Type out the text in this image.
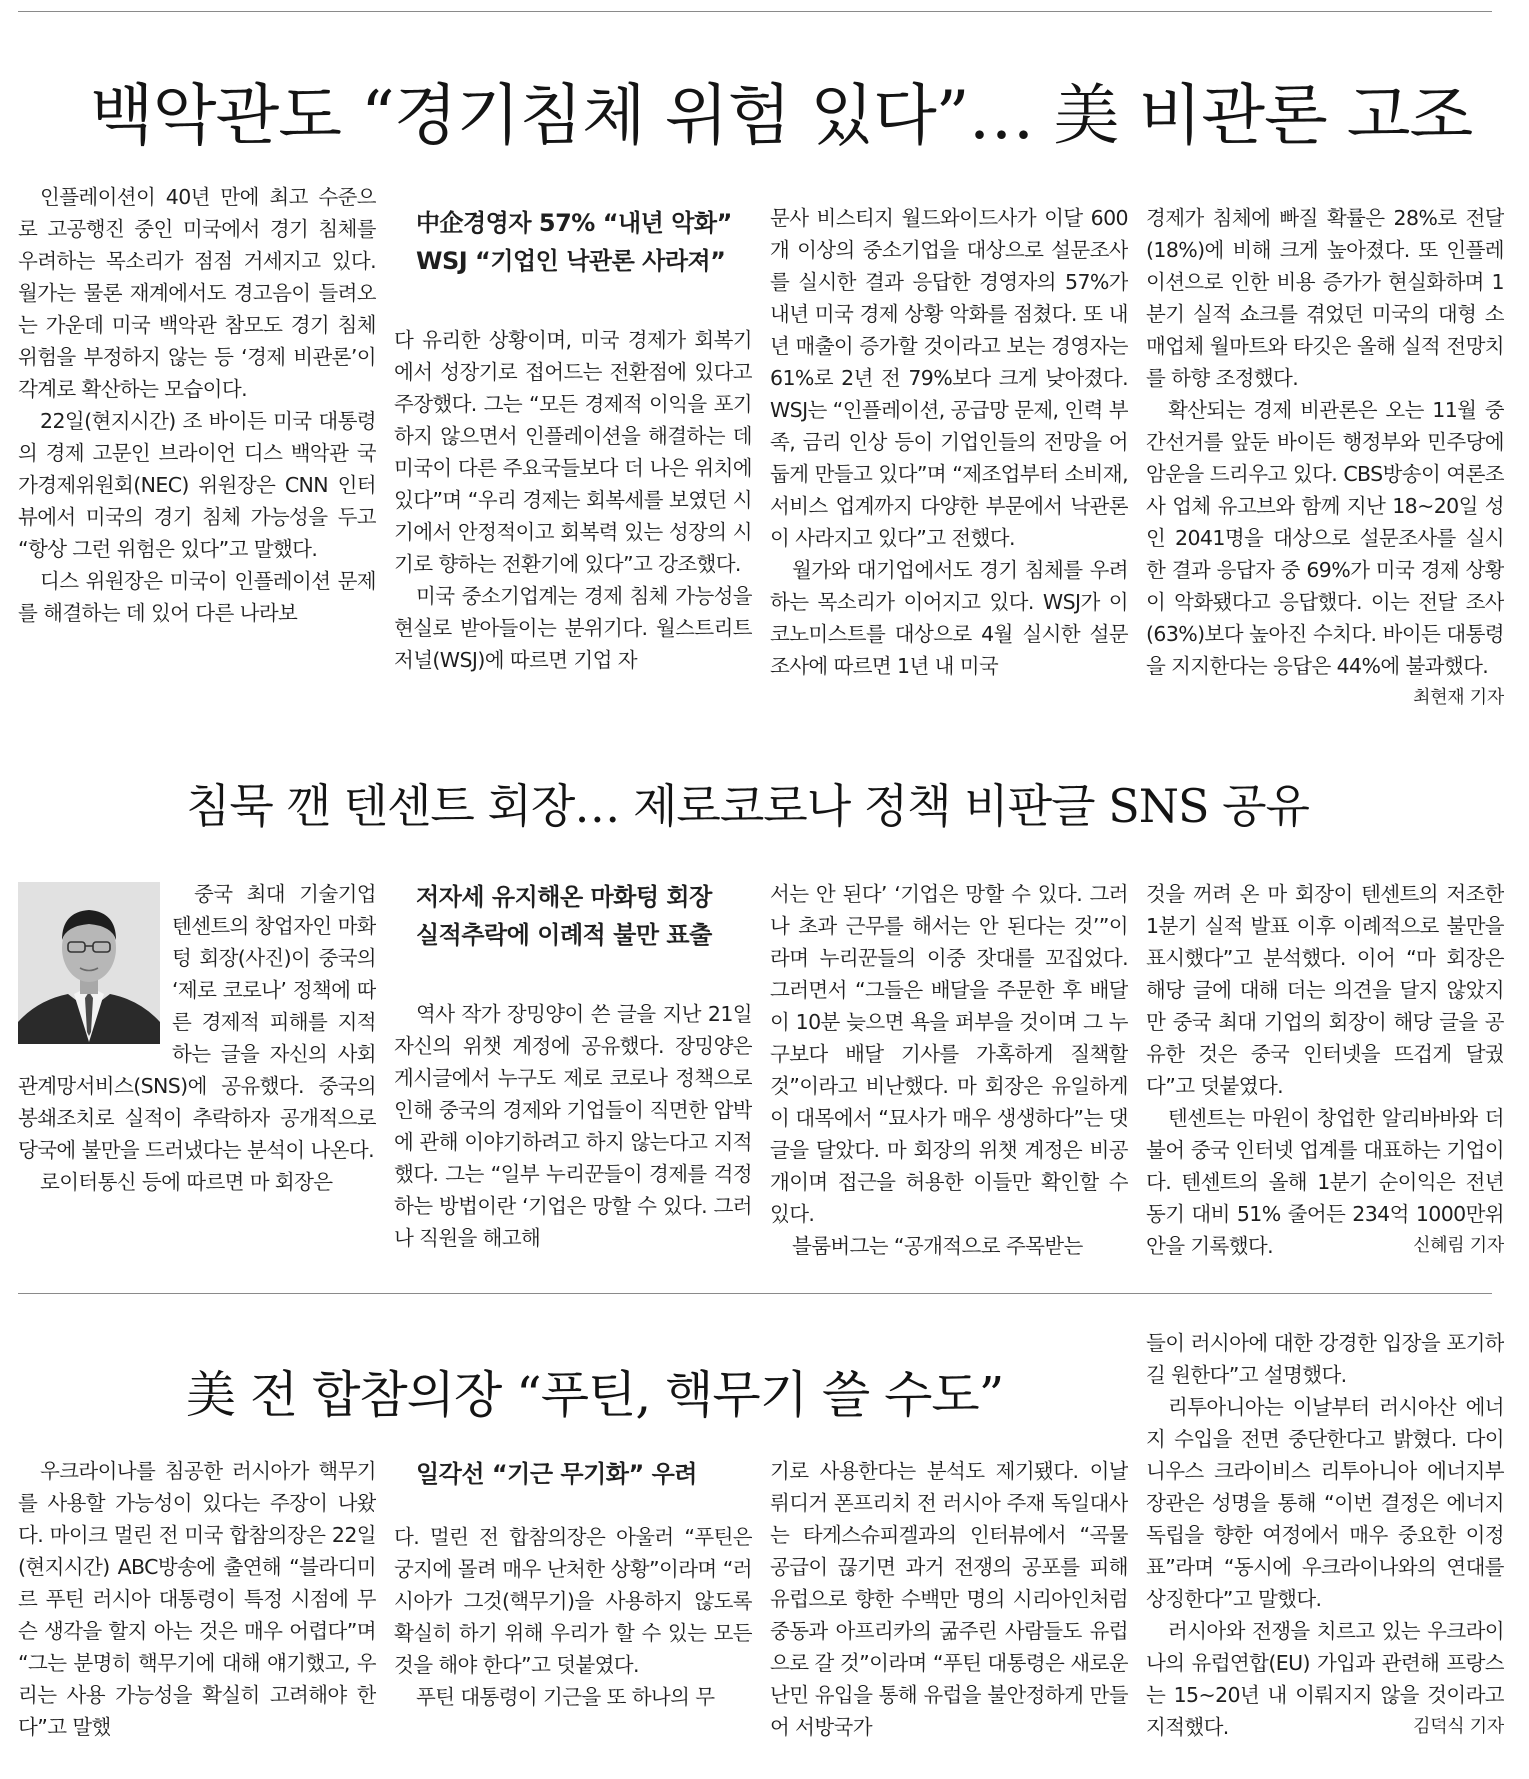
백악관도 “경기침체 위험 있다”… 美 비관론 고조

인플레이션이 40년 만에 최고 수준으로 고공행진 중인 미국에서 경기 침체를 우려하는 목소리가 점점 거세지고 있다. 월가는 물론 재계에서도 경고음이 들려오는 가운데 미국 백악관 참모도 경기 침체 위험을 부정하지 않는 등 ‘경제 비관론’이 각계로 확산하는 모습이다.

22일(현지시간) 조 바이든 미국 대통령의 경제 고문인 브라이언 디스 백악관 국가경제위원회(NEC) 위원장은 CNN 인터뷰에서 미국의 경기 침체 가능성을 두고 “항상 그런 위험은 있다”고 말했다.

디스 위원장은 미국이 인플레이션 문제를 해결하는 데 있어 다른 나라보

中企경영자 57% “내년 악화”

WSJ “기업인 낙관론 사라져”

다 유리한 상황이며, 미국 경제가 회복기에서 성장기로 접어드는 전환점에 있다고 주장했다. 그는 “모든 경제적 이익을 포기하지 않으면서 인플레이션을 해결하는 데 미국이 다른 주요국들보다 더 나은 위치에 있다”며 “우리 경제는 회복세를 보였던 시기에서 안정적이고 회복력 있는 성장의 시기로 향하는 전환기에 있다”고 강조했다.

미국 중소기업계는 경제 침체 가능성을 현실로 받아들이는 분위기다. 월스트리트저널(WSJ)에 따르면 기업 자

문사 비스티지 월드와이드사가 이달 600개 이상의 중소기업을 대상으로 설문조사를 실시한 결과 응답한 경영자의 57%가 내년 미국 경제 상황 악화를 점쳤다. 또 내년 매출이 증가할 것이라고 보는 경영자는 61%로 2년 전 79%보다 크게 낮아졌다. WSJ는 “인플레이션, 공급망 문제, 인력 부족, 금리 인상 등이 기업인들의 전망을 어둡게 만들고 있다”며 “제조업부터 소비재, 서비스 업계까지 다양한 부문에서 낙관론이 사라지고 있다”고 전했다.

월가와 대기업에서도 경기 침체를 우려하는 목소리가 이어지고 있다. WSJ가 이코노미스트를 대상으로 4월 실시한 설문조사에 따르면 1년 내 미국

경제가 침체에 빠질 확률은 28%로 전달(18%)에 비해 크게 높아졌다. 또 인플레이션으로 인한 비용 증가가 현실화하며 1분기 실적 쇼크를 겪었던 미국의 대형 소매업체 월마트와 타깃은 올해 실적 전망치를 하향 조정했다.

확산되는 경제 비관론은 오는 11월 중간선거를 앞둔 바이든 행정부와 민주당에 암운을 드리우고 있다. CBS방송이 여론조사 업체 유고브와 함께 지난 18~20일 성인 2041명을 대상으로 설문조사를 실시한 결과 응답자 중 69%가 미국 경제 상황이 악화됐다고 응답했다. 이는 전달 조사(63%)보다 높아진 수치다. 바이든 대통령을 지지한다는 응답은 44%에 불과했다.
최현재 기자

침묵 깬 텐센트 회장… 제로코로나 정책 비판글 SNS 공유

중국 최대 기술기업 텐센트의 창업자인 마화텅 회장(사진)이 중국의 ‘제로 코로나’ 정책에 따른 경제적 피해를 지적하는 글을 자신의 사회관계망서비스(SNS)에 공유했다. 중국의 봉쇄조치로 실적이 추락하자 공개적으로 당국에 불만을 드러냈다는 분석이 나온다.

로이터통신 등에 따르면 마 회장은

저자세 유지해온 마화텅 회장

실적추락에 이례적 불만 표출

역사 작가 장밍양이 쓴 글을 지난 21일 자신의 위챗 계정에 공유했다. 장밍양은 게시글에서 누구도 제로 코로나 정책으로 인해 중국의 경제와 기업들이 직면한 압박에 관해 이야기하려고 하지 않는다고 지적했다. 그는 “일부 누리꾼들이 경제를 걱정하는 방법이란 ‘기업은 망할 수 있다. 그러나 직원을 해고해

서는 안 된다’ ‘기업은 망할 수 있다. 그러나 초과 근무를 해서는 안 된다는 것’”이라며 누리꾼들의 이중 잣대를 꼬집었다. 그러면서 “그들은 배달을 주문한 후 배달이 10분 늦으면 욕을 퍼부을 것이며 그 누구보다 배달 기사를 가혹하게 질책할 것”이라고 비난했다. 마 회장은 유일하게 이 대목에서 “묘사가 매우 생생하다”는 댓글을 달았다. 마 회장의 위챗 계정은 비공개이며 접근을 허용한 이들만 확인할 수 있다.

블룸버그는 “공개적으로 주목받는

것을 꺼려 온 마 회장이 텐센트의 저조한 1분기 실적 발표 이후 이례적으로 불만을 표시했다”고 분석했다. 이어 “마 회장은 해당 글에 대해 더는 의견을 달지 않았지만 중국 최대 기업의 회장이 해당 글을 공유한 것은 중국 인터넷을 뜨겁게 달궜다”고 덧붙였다.

텐센트는 마윈이 창업한 알리바바와 더불어 중국 인터넷 업계를 대표하는 기업이다. 텐센트의 올해 1분기 순이익은 전년 동기 대비 51% 줄어든 234억 1000만위안을 기록했다.	신혜림 기자

美 전 합참의장 “푸틴, 핵무기 쓸 수도”

우크라이나를 침공한 러시아가 핵무기를 사용할 가능성이 있다는 주장이 나왔다. 마이크 멀린 전 미국 합참의장은 22일(현지시간) ABC방송에 출연해 “블라디미르 푸틴 러시아 대통령이 특정 시점에 무슨 생각을 할지 아는 것은 매우 어렵다”며 “그는 분명히 핵무기에 대해 얘기했고, 우리는 사용 가능성을 확실히 고려해야 한다”고 말했

일각선 “기근 무기화” 우려

다. 멀린 전 합참의장은 아울러 “푸틴은 궁지에 몰려 매우 난처한 상황”이라며 “러시아가 그것(핵무기)을 사용하지 않도록 확실히 하기 위해 우리가 할 수 있는 모든 것을 해야 한다”고 덧붙였다.

푸틴 대통령이 기근을 또 하나의 무

기로 사용한다는 분석도 제기됐다. 이날 뤼디거 폰프리치 전 러시아 주재 독일대사는 타게스슈피겔과의 인터뷰에서 “곡물 공급이 끊기면 과거 전쟁의 공포를 피해 유럽으로 향한 수백만 명의 시리아인처럼 중동과 아프리카의 굶주린 사람들도 유럽으로 갈 것”이라며 “푸틴 대통령은 새로운 난민 유입을 통해 유럽을 불안정하게 만들어 서방국가

들이 러시아에 대한 강경한 입장을 포기하길 원한다”고 설명했다.

리투아니아는 이날부터 러시아산 에너지 수입을 전면 중단한다고 밝혔다. 다이니우스 크라이비스 리투아니아 에너지부 장관은 성명을 통해 “이번 결정은 에너지 독립을 향한 여정에서 매우 중요한 이정표”라며 “동시에 우크라이나와의 연대를 상징한다”고 말했다.

러시아와 전쟁을 치르고 있는 우크라이나의 유럽연합(EU) 가입과 관련해 프랑스는 15~20년 내 이뤄지지 않을 것이라고 지적했다.	김덕식 기자
